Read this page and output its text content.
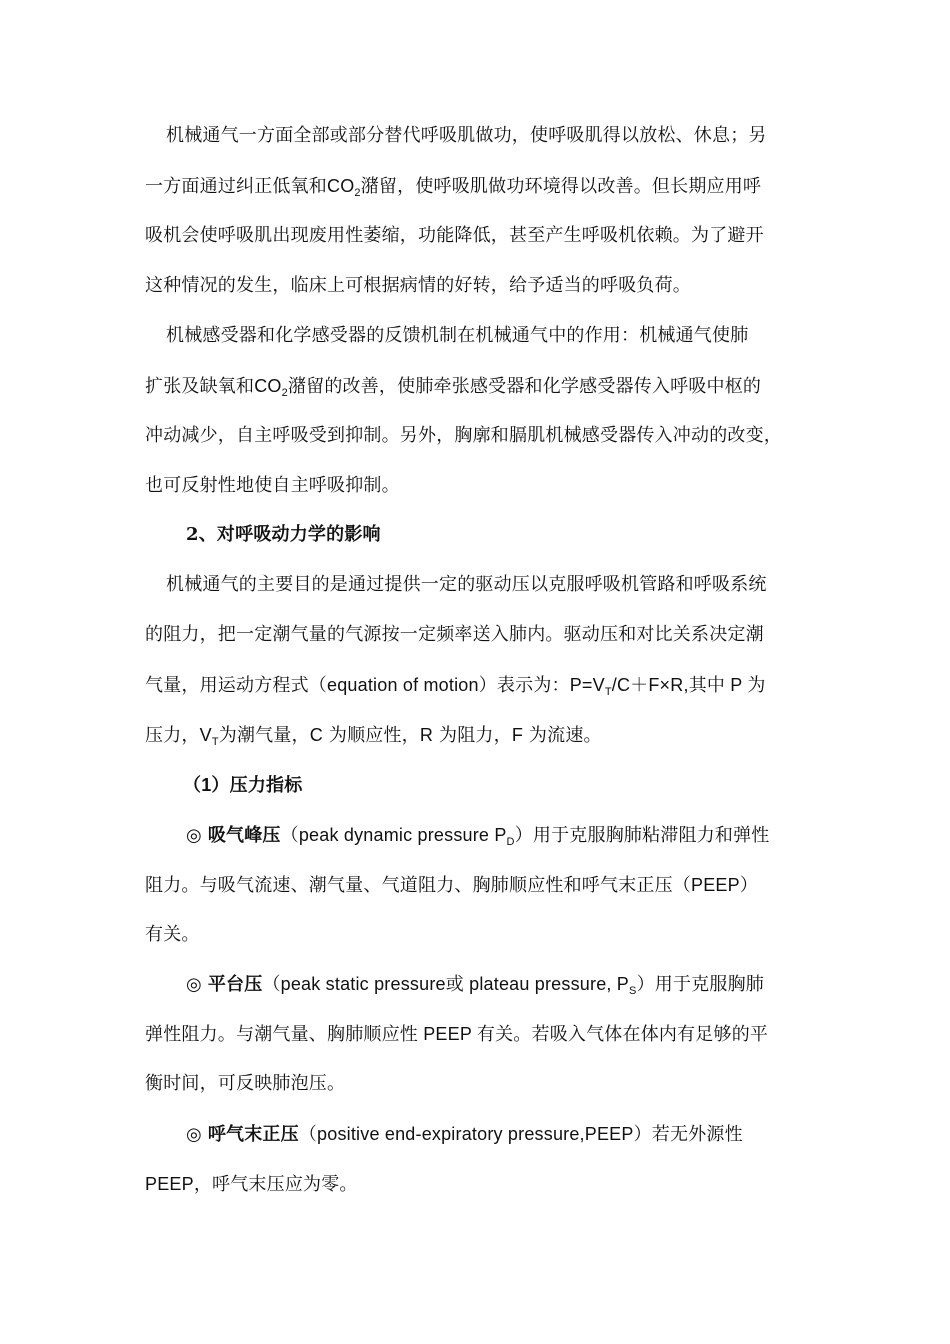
机械通气一方面全部或部分替代呼吸肌做功，使呼吸肌得以放松、休息；另
一方面通过纠正低氧和$CO_2$潴留，使呼吸肌做功环境得以改善。但长期应用呼
吸机会使呼吸肌出现废用性萎缩，功能降低，甚至产生呼吸机依赖。为了避开
这种情况的发生，临床上可根据病情的好转，给予适当的呼吸负荷。
机械感受器和化学感受器的反馈机制在机械通气中的作用：机械通气使肺
扩张及缺氧和$CO_2$潴留的改善，使肺牵张感受器和化学感受器传入呼吸中枢的
冲动减少，自主呼吸受到抑制。另外，胸廓和膈肌机械感受器传入冲动的改变，
也可反射性地使自主呼吸抑制。
2、对呼吸动力学的影响
机械通气的主要目的是通过提供一定的驱动压以克服呼吸机管路和呼吸系统
的阻力，把一定潮气量的气源按一定频率送入肺内。驱动压和对比关系决定潮
气量，用运动方程式（equation of motion）表示为：$P=V_T/C+F\times R$,其中 P 为
压力，$V_T$为潮气量，C 为顺应性，R 为阻力，F 为流速。
（1）压力指标
◎ 吸气峰压（peak dynamic pressure $P_D$）用于克服胸肺粘滞阻力和弹性
阻力。与吸气流速、潮气量、气道阻力、胸肺顺应性和呼气末正压（PEEP）
有关。
◎ 平台压（peak static pressure或 plateau pressure, $P_S$）用于克服胸肺
弹性阻力。与潮气量、胸肺顺应性 PEEP 有关。若吸入气体在体内有足够的平
衡时间，可反映肺泡压。
◎ 呼气末正压（positive end-expiratory pressure,PEEP）若无外源性
PEEP，呼气末压应为零。
